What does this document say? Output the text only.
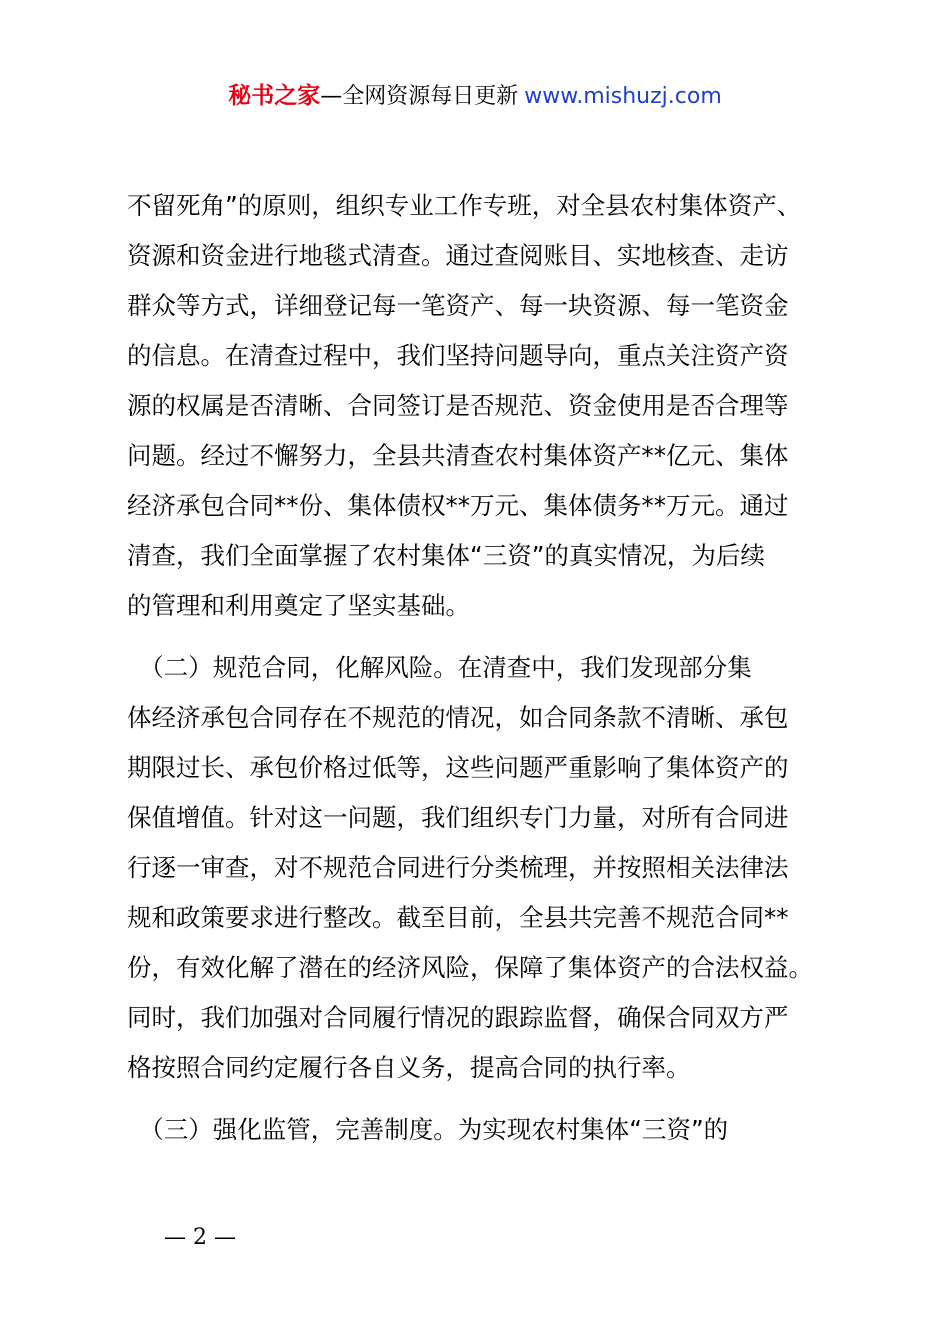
秘书之家—全网资源每日更新 www.mishuzj.com
不留死角”的原则，组织专业工作专班，对全县农村集体资产、
资源和资金进行地毯式清查。通过查阅账目、实地核查、走访
群众等方式，详细登记每一笔资产、每一块资源、每一笔资金
的信息。在清查过程中，我们坚持问题导向，重点关注资产资
源的权属是否清晰、合同签订是否规范、资金使用是否合理等
问题。经过不懈努力，全县共清查农村集体资产**亿元、集体
经济承包合同**份、集体债权**万元、集体债务**万元。通过
清查，我们全面掌握了农村集体“三资”的真实情况，为后续
的管理和利用奠定了坚实基础。
　（二）规范合同，化解风险。在清查中，我们发现部分集
体经济承包合同存在不规范的情况，如合同条款不清晰、承包
期限过长、承包价格过低等，这些问题严重影响了集体资产的
保值增值。针对这一问题，我们组织专门力量，对所有合同进
行逐一审查，对不规范合同进行分类梳理，并按照相关法律法
规和政策要求进行整改。截至目前，全县共完善不规范合同**
份，有效化解了潜在的经济风险，保障了集体资产的合法权益。
同时，我们加强对合同履行情况的跟踪监督，确保合同双方严
格按照合同约定履行各自义务，提高合同的执行率。
　（三）强化监管，完善制度。为实现农村集体“三资”的
— 2 —
